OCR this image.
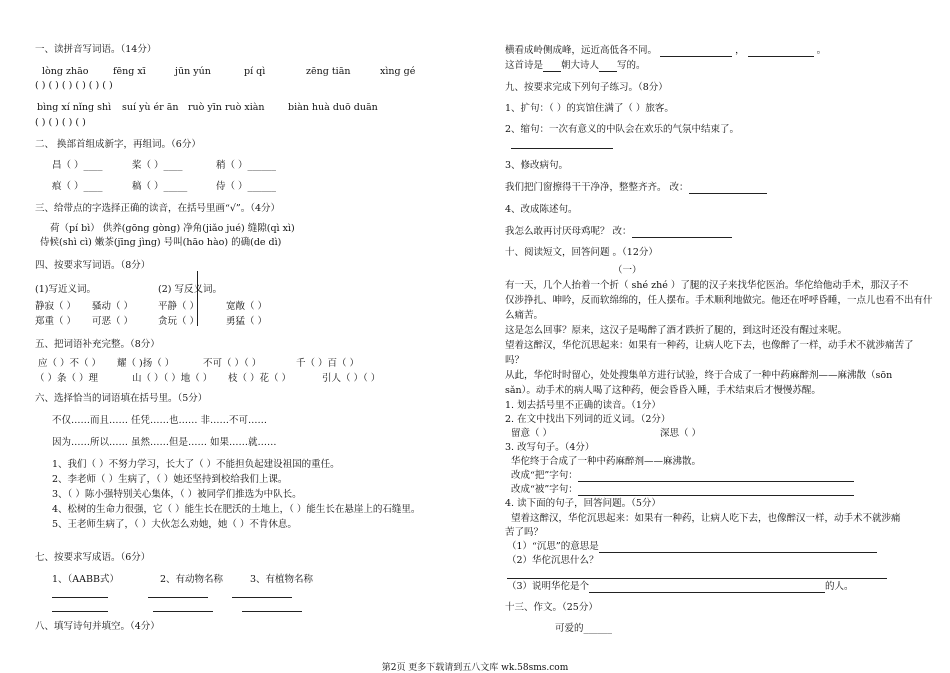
一、读拼音写词语。（14分）
lòng zhāo	fēng xī	jūn yún	pí qì	zēng tiān	xìng gé
( ) ( ) ( ) ( ) ( ) ( )
bìng xí nǐng shì suí yù ér ān ruò yīn ruò xiàn biàn huà duō duān
( ) ( ) ( ) ( )
二、 换部首组成新字，再组词。（6分）
昌（ ）____	桨（ ）____	稍（ ）______
痕（ ）____	稿（ ）_____	侍（ ）______
三、给带点的字选择正确的读音，在括号里画“√”。（4分）
荷（pí bì） 供养(gōng gòng) 净角(jiǎo jué) 缝隙(qì xì)
侍候(shì cì) 嫩茶(jīng jìng) 号叫(hāo hào) 的确(de dì)
四、按要求写词语。（8分）
(1)写近义词。	(2) 写反义词。
静寂（ ） 骚动（ ）	平静（ ）	宽敞（ ）
郑重（ ） 可恶（ ）	贪玩（ ）	勇猛（ ）
五、把词语补充完整。（8分）
应（ ）不（ ） 耀（ )扬（ ）	不可（ ）（ ）	千（ ）百（ ）
（ ）条（ ）理	山（ ）（ ）地（ ） 枝（ ）花（ ）	引人（ ）（ ）
六、选择恰当的词语填在括号里。（5分）
不仅……而且…… 任凭……也…… 非……不可……
因为……所以…… 虽然……但是…… 如果……就……
1、我们（ ）不努力学习，长大了（ ）不能担负起建设祖国的重任。
2、李老师（ ）生病了，（ ）她还坚持到校给我们上课。
3、（ ）陈小强特别关心集体，（ ）被同学们推选为中队长。
4、松树的生命力很强，它（ ）能生长在肥沃的土地上，（ ）能生长在悬崖上的石缝里。
5、王老师生病了，（ ）大伙怎么劝她，她（ ）不肯休息。
七、按要求写成语。（6分）
1、（AABB式）	2、有动物名称	3、有植物名称
八、填写诗句并填空。（4分）
横看成岭侧成峰，远近高低各不同。	，	。
这首诗是 朝大诗人 写的。
九、按要求完成下列句子练习。（8分）
1、扩句：（ ）的宾馆住满了（ ）旅客。
2、缩句：一次有意义的中队会在欢乐的气氛中结束了。
3、修改病句。
我们把门窗擦得干干净净，整整齐齐。 改：
4、改成陈述句。
我怎么敢再讨厌母鸡呢？ 改：
十、阅读短文，回答问题 。（12分）
（一）
有一天，几个人抬着一个折（ shé zhé ）了腿的汉子来找华佗医治。华佗给他动手术，那汉子不
仅涉挣扎、呻吟，反而软绵绵的，任人摆布。手术顺利地做完。他还在呼呼昏睡，一点儿也看不出有什
么痛苦。
这是怎么回事？原来，这汉子是喝醉了酒才跌折了腿的，到这时还没有醒过来呢。
望着这醉汉，华佗沉思起来：如果有一种药，让病人吃下去，也像醉了一样，动手术不就涉痛苦了
吗？
从此，华佗时时留心，处处搜集单方进行试验，终于合成了一种中药麻醉剂——麻沸散（sōn
sǎn）。动手术的病人喝了这种药，便会昏昏入睡，手术结束后才慢慢苏醒。
1. 划去括号里不正确的读音。（1分）
2. 在文中找出下列词的近义词。（2分）
留意（ ）	深思（ ）
3. 改写句子。（4分）
华佗终于合成了一种中药麻醉剂——麻沸散。
改成“把”字句：
改成“被”字句：
4. 读下面的句子，回答问题。（5分）
望着这醉汉，华佗沉思起来：如果有一种药，让病人吃下去，也像醉汉一样，动手术不就涉痛
苦了吗？
（1）“沉思”的意思是
（2）华佗沉思什么？
（3）说明华佗是个	的人。
十三、作文。（25分）
可爱的______
第2页 更多下载请到五八文库 wk.58sms.com
